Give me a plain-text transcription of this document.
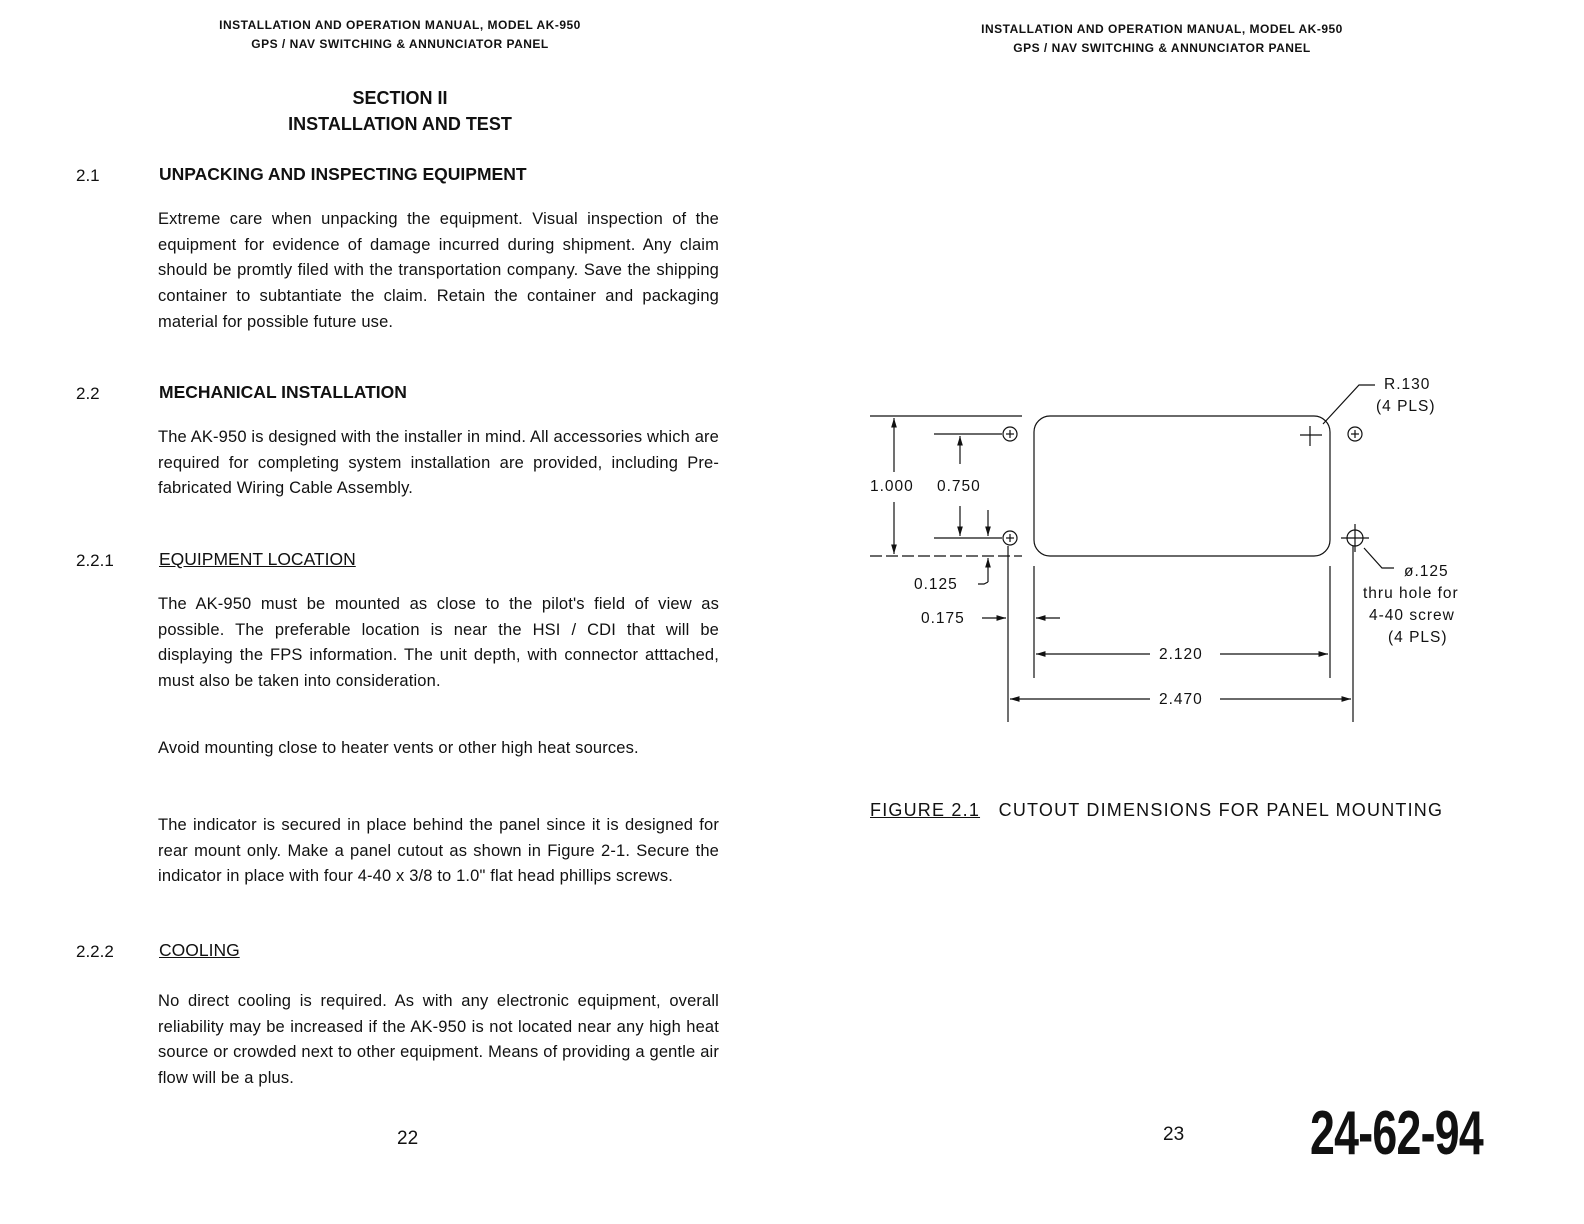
INSTALLATION AND OPERATION MANUAL, MODEL AK-950
GPS / NAV SWITCHING & ANNUNCIATOR PANEL
SECTION II
INSTALLATION AND TEST
2.1	UNPACKING AND INSPECTING EQUIPMENT
Extreme care when unpacking the equipment. Visual inspection of the equipment for evidence of damage incurred during shipment. Any claim should be promtly filed with the transportation company. Save the shipping container to subtantiate the claim. Retain the container and packaging material for possible future use.
2.2	MECHANICAL INSTALLATION
The AK-950 is designed with the installer in mind. All accessories which are required for completing system installation are provided, including Pre-fabricated Wiring Cable Assembly.
2.2.1	EQUIPMENT LOCATION
The AK-950 must be mounted as close to the pilot's field of view as possible. The preferable location is near the HSI / CDI that will be displaying the FPS information. The unit depth, with connector atttached, must also be taken into consideration.
Avoid mounting close to heater vents or other high heat sources.
The indicator is secured in place behind the panel since it is designed for rear mount only. Make a panel cutout as shown in Figure 2-1. Secure the indicator in place with four 4-40 x 3/8 to 1.0" flat head phillips screws.
2.2.2	COOLING
No direct cooling is required. As with any electronic equipment, overall reliability may be increased if the AK-950 is not located near any high heat source or crowded next to other equipment. Means of providing a gentle air flow will be a plus.
22
INSTALLATION AND OPERATION MANUAL, MODEL AK-950
GPS / NAV SWITCHING & ANNUNCIATOR PANEL
R.130
(4 PLS)
1.000 0.750
0.125
0.175
2.120
2.470
ø.125
thru hole for
4-40 screw
(4 PLS)
FIGURE 2.1 CUTOUT DIMENSIONS FOR PANEL MOUNTING
23 24-62-94
